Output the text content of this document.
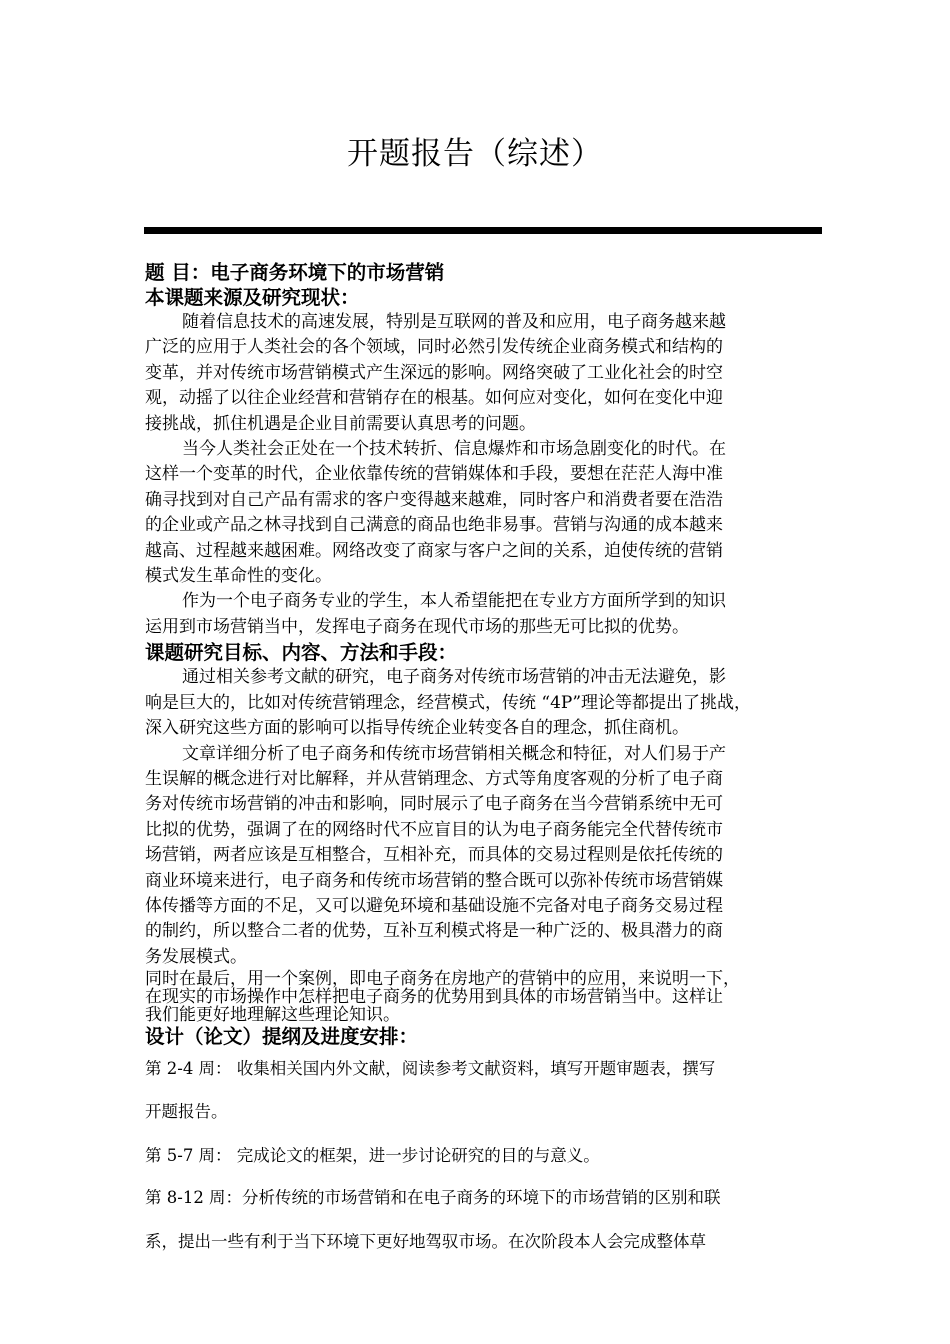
开题报告（综述）
题 目：电子商务环境下的市场营销
本课题来源及研究现状：
随着信息技术的高速发展，特别是互联网的普及和应用，电子商务越来越
广泛的应用于人类社会的各个领域，同时必然引发传统企业商务模式和结构的
变革，并对传统市场营销模式产生深远的影响。网络突破了工业化社会的时空
观，动摇了以往企业经营和营销存在的根基。如何应对变化，如何在变化中迎
接挑战，抓住机遇是企业目前需要认真思考的问题。
当今人类社会正处在一个技术转折、信息爆炸和市场急剧变化的时代。在
这样一个变革的时代，企业依靠传统的营销媒体和手段，要想在茫茫人海中准
确寻找到对自己产品有需求的客户变得越来越难，同时客户和消费者要在浩浩
的企业或产品之林寻找到自己满意的商品也绝非易事。营销与沟通的成本越来
越高、过程越来越困难。网络改变了商家与客户之间的关系，迫使传统的营销
模式发生革命性的变化。
作为一个电子商务专业的学生，本人希望能把在专业方方面所学到的知识
运用到市场营销当中，发挥电子商务在现代市场的那些无可比拟的优势。
课题研究目标、内容、方法和手段：
通过相关参考文献的研究，电子商务对传统市场营销的冲击无法避免，影
响是巨大的，比如对传统营销理念，经营模式，传统 “4P”理论等都提出了挑战，
深入研究这些方面的影响可以指导传统企业转变各自的理念，抓住商机。
文章详细分析了电子商务和传统市场营销相关概念和特征，对人们易于产
生误解的概念进行对比解释，并从营销理念、方式等角度客观的分析了电子商
务对传统市场营销的冲击和影响，同时展示了电子商务在当今营销系统中无可
比拟的优势，强调了在的网络时代不应盲目的认为电子商务能完全代替传统市
场营销，两者应该是互相整合，互相补充，而具体的交易过程则是依托传统的
商业环境来进行，电子商务和传统市场营销的整合既可以弥补传统市场营销媒
体传播等方面的不足，又可以避免环境和基础设施不完备对电子商务交易过程
的制约，所以整合二者的优势，互补互利模式将是一种广泛的、极具潜力的商
务发展模式。
同时在最后，用一个案例，即电子商务在房地产的营销中的应用，来说明一下，
在现实的市场操作中怎样把电子商务的优势用到具体的市场营销当中。这样让
我们能更好地理解这些理论知识。
设计（论文）提纲及进度安排：
第 2-4 周： 收集相关国内外文献，阅读参考文献资料，填写开题审题表，撰写
开题报告。
第 5-7 周： 完成论文的框架，进一步讨论研究的目的与意义。
第 8-12 周：分析传统的市场营销和在电子商务的环境下的市场营销的区别和联
系，提出一些有利于当下环境下更好地驾驭市场。在次阶段本人会完成整体草
